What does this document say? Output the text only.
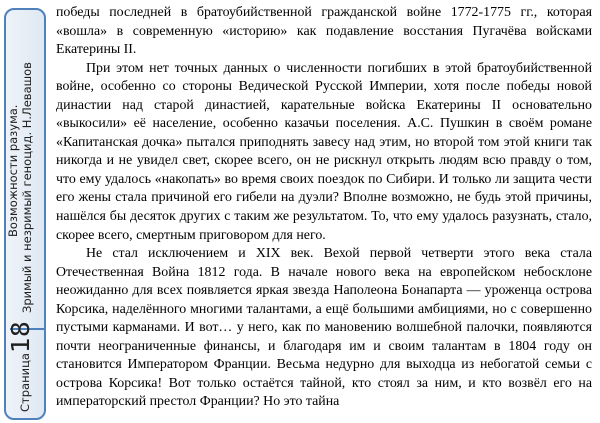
Возможности разума. Зримый и незримый геноцид. Н.Левашов
Страница18

победы последней в братоубийственной гражданской войне 1772-1775 гг., которая «вошла» в современную «историю» как подавление восстания Пугачёва войсками Екатерины II.

При этом нет точных данных о численности погибших в этой братоубийственной войне, особенно со стороны Ведической Русской Империи, хотя после победы новой династии над старой династией, карательные войска Екатерины II основательно «выкосили» её население, особенно казачьи поселения. А.С. Пушкин в своём романе «Капитанская дочка» пытался приподнять завесу над этим, но второй том этой книги так никогда и не увидел свет, скорее всего, он не рискнул открыть людям всю правду о том, что ему удалось «накопать» во время своих поездок по Сибири. И только ли защита чести его жены стала причиной его гибели на дуэли? Вполне возможно, не будь этой причины, нашёлся бы десяток других с таким же результатом. То, что ему удалось разузнать, стало, скорее всего, смертным приговором для него.

Не стал исключением и XIX век. Вехой первой четверти этого века стала Отечественная Война 1812 года. В начале нового века на европейском небосклоне неожиданно для всех появляется яркая звезда Наполеона Бонапарта — уроженца острова Корсика, наделённого многими талантами, а ещё большими амбициями, но с совершенно пустыми карманами. И вот… у него, как по мановению волшебной палочки, появляются почти неограниченные финансы, и благодаря им и своим талантам в 1804 году он становится Императором Франции. Весьма недурно для выходца из небогатой семьи с острова Корсика! Вот только остаётся тайной, кто стоял за ним, и кто возвёл его на императорский престол Франции? Но это тайна
